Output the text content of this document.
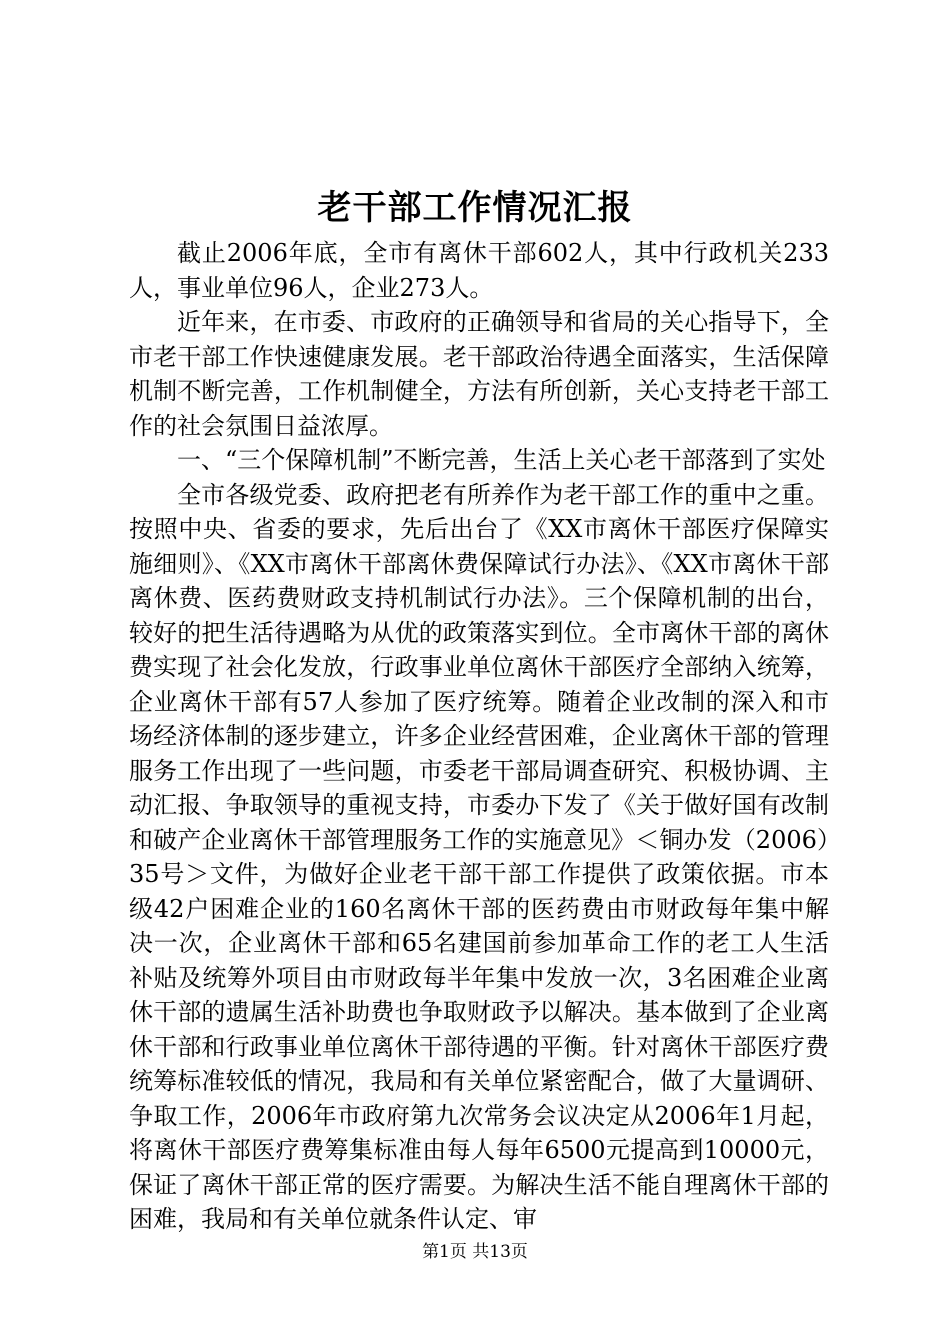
老干部工作情况汇报

截止2006年底，全市有离休干部602人，其中行政机关233人，事业单位96人，企业273人。

近年来，在市委、市政府的正确领导和省局的关心指导下，全市老干部工作快速健康发展。老干部政治待遇全面落实，生活保障机制不断完善，工作机制健全，方法有所创新，关心支持老干部工作的社会氛围日益浓厚。

一、“三个保障机制”不断完善，生活上关心老干部落到了实处

全市各级党委、政府把老有所养作为老干部工作的重中之重。按照中央、省委的要求，先后出台了《XX市离休干部医疗保障实施细则》、《XX市离休干部离休费保障试行办法》、《XX市离休干部离休费、医药费财政支持机制试行办法》。三个保障机制的出台，较好的把生活待遇略为从优的政策落实到位。全市离休干部的离休费实现了社会化发放，行政事业单位离休干部医疗全部纳入统筹，企业离休干部有57人参加了医疗统筹。随着企业改制的深入和市场经济体制的逐步建立，许多企业经营困难，企业离休干部的管理服务工作出现了一些问题，市委老干部局调查研究、积极协调、主动汇报、争取领导的重视支持，市委办下发了《关于做好国有改制和破产企业离休干部管理服务工作的实施意见》＜铜办发（2006）35号＞文件，为做好企业老干部干部工作提供了政策依据。市本级42户困难企业的160名离休干部的医药费由市财政每年集中解决一次，企业离休干部和65名建国前参加革命工作的老工人生活补贴及统筹外项目由市财政每半年集中发放一次，3名困难企业离休干部的遗属生活补助费也争取财政予以解决。基本做到了企业离休干部和行政事业单位离休干部待遇的平衡。针对离休干部医疗费统筹标准较低的情况，我局和有关单位紧密配合，做了大量调研、争取工作，2006年市政府第九次常务会议决定从2006年1月起，将离休干部医疗费筹集标准由每人每年6500元提高到10000元，保证了离休干部正常的医疗需要。为解决生活不能自理离休干部的困难，我局和有关单位就条件认定、审

第1页 共13页
